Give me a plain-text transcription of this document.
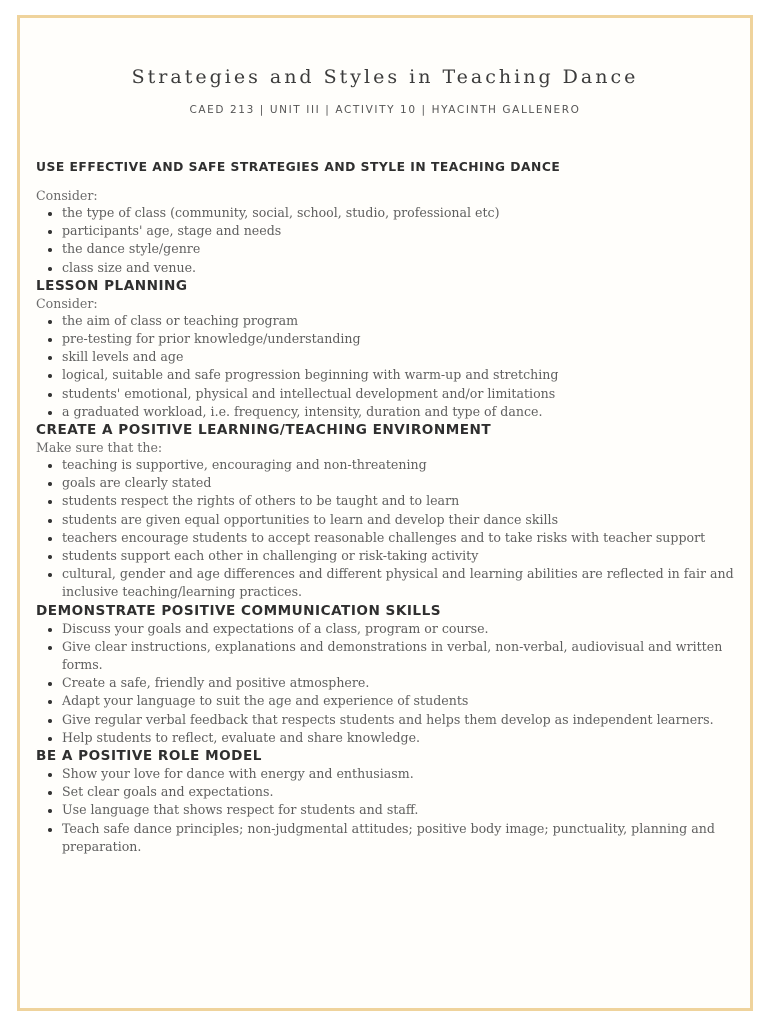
Strategies and Styles in Teaching Dance
CAED 213 | UNIT III | ACTIVITY 10 | HYACINTH GALLENERO
USE EFFECTIVE AND SAFE STRATEGIES AND STYLE IN TEACHING DANCE

Consider:

the type of class (community, social, school, studio, professional etc)
participants' age, stage and needs
the dance style/genre
class size and venue.
LESSON PLANNING

Consider:

the aim of class or teaching program
pre-testing for prior knowledge/understanding
skill levels and age
logical, suitable and safe progression beginning with warm-up and stretching
students' emotional, physical and intellectual development and/or limitations
a graduated workload, i.e. frequency, intensity, duration and type of dance.
CREATE A POSITIVE LEARNING/TEACHING ENVIRONMENT

Make sure that the:

teaching is supportive, encouraging and non-threatening
goals are clearly stated
students respect the rights of others to be taught and to learn
students are given equal opportunities to learn and develop their dance skills
teachers encourage students to accept reasonable challenges and to take risks with teacher support
students support each other in challenging or risk-taking activity
cultural, gender and age differences and different physical and learning abilities are reflected in fair and inclusive teaching/learning practices.
DEMONSTRATE POSITIVE COMMUNICATION SKILLS
Discuss your goals and expectations of a class, program or course.
Give clear instructions, explanations and demonstrations in verbal, non-verbal, audiovisual and written forms.
Create a safe, friendly and positive atmosphere.
Adapt your language to suit the age and experience of students
Give regular verbal feedback that respects students and helps them develop as independent learners.
Help students to reflect, evaluate and share knowledge.
BE A POSITIVE ROLE MODEL
Show your love for dance with energy and enthusiasm.
Set clear goals and expectations.
Use language that shows respect for students and staff.
Teach safe dance principles; non-judgmental attitudes; positive body image; punctuality, planning and preparation.
